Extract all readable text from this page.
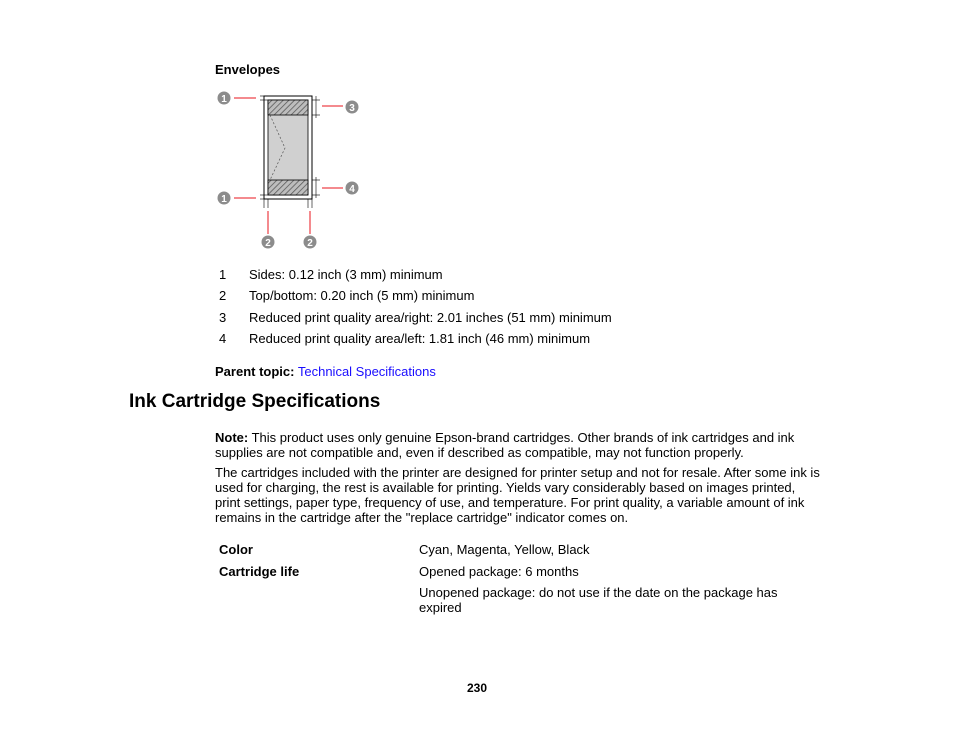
Envelopes
1
3
1
4
2	2
1 Sides: 0.12 inch (3 mm) minimum
2 Top/bottom: 0.20 inch (5 mm) minimum
3 Reduced print quality area/right: 2.01 inches (51 mm) minimum
4 Reduced print quality area/left: 1.81 inch (46 mm) minimum
Parent topic: Technical Specifications
Ink Cartridge Specifications
Note: This product uses only genuine Epson-brand cartridges. Other brands of ink cartridges and ink supplies are not compatible and, even if described as compatible, may not function properly.
The cartridges included with the printer are designed for printer setup and not for resale. After some ink is used for charging, the rest is available for printing. Yields vary considerably based on images printed, print settings, paper type, frequency of use, and temperature. For print quality, a variable amount of ink remains in the cartridge after the "replace cartridge" indicator comes on.
Color	Cyan, Magenta, Yellow, Black
Cartridge life	Opened package: 6 months
Unopened package: do not use if the date on the package has expired
230
